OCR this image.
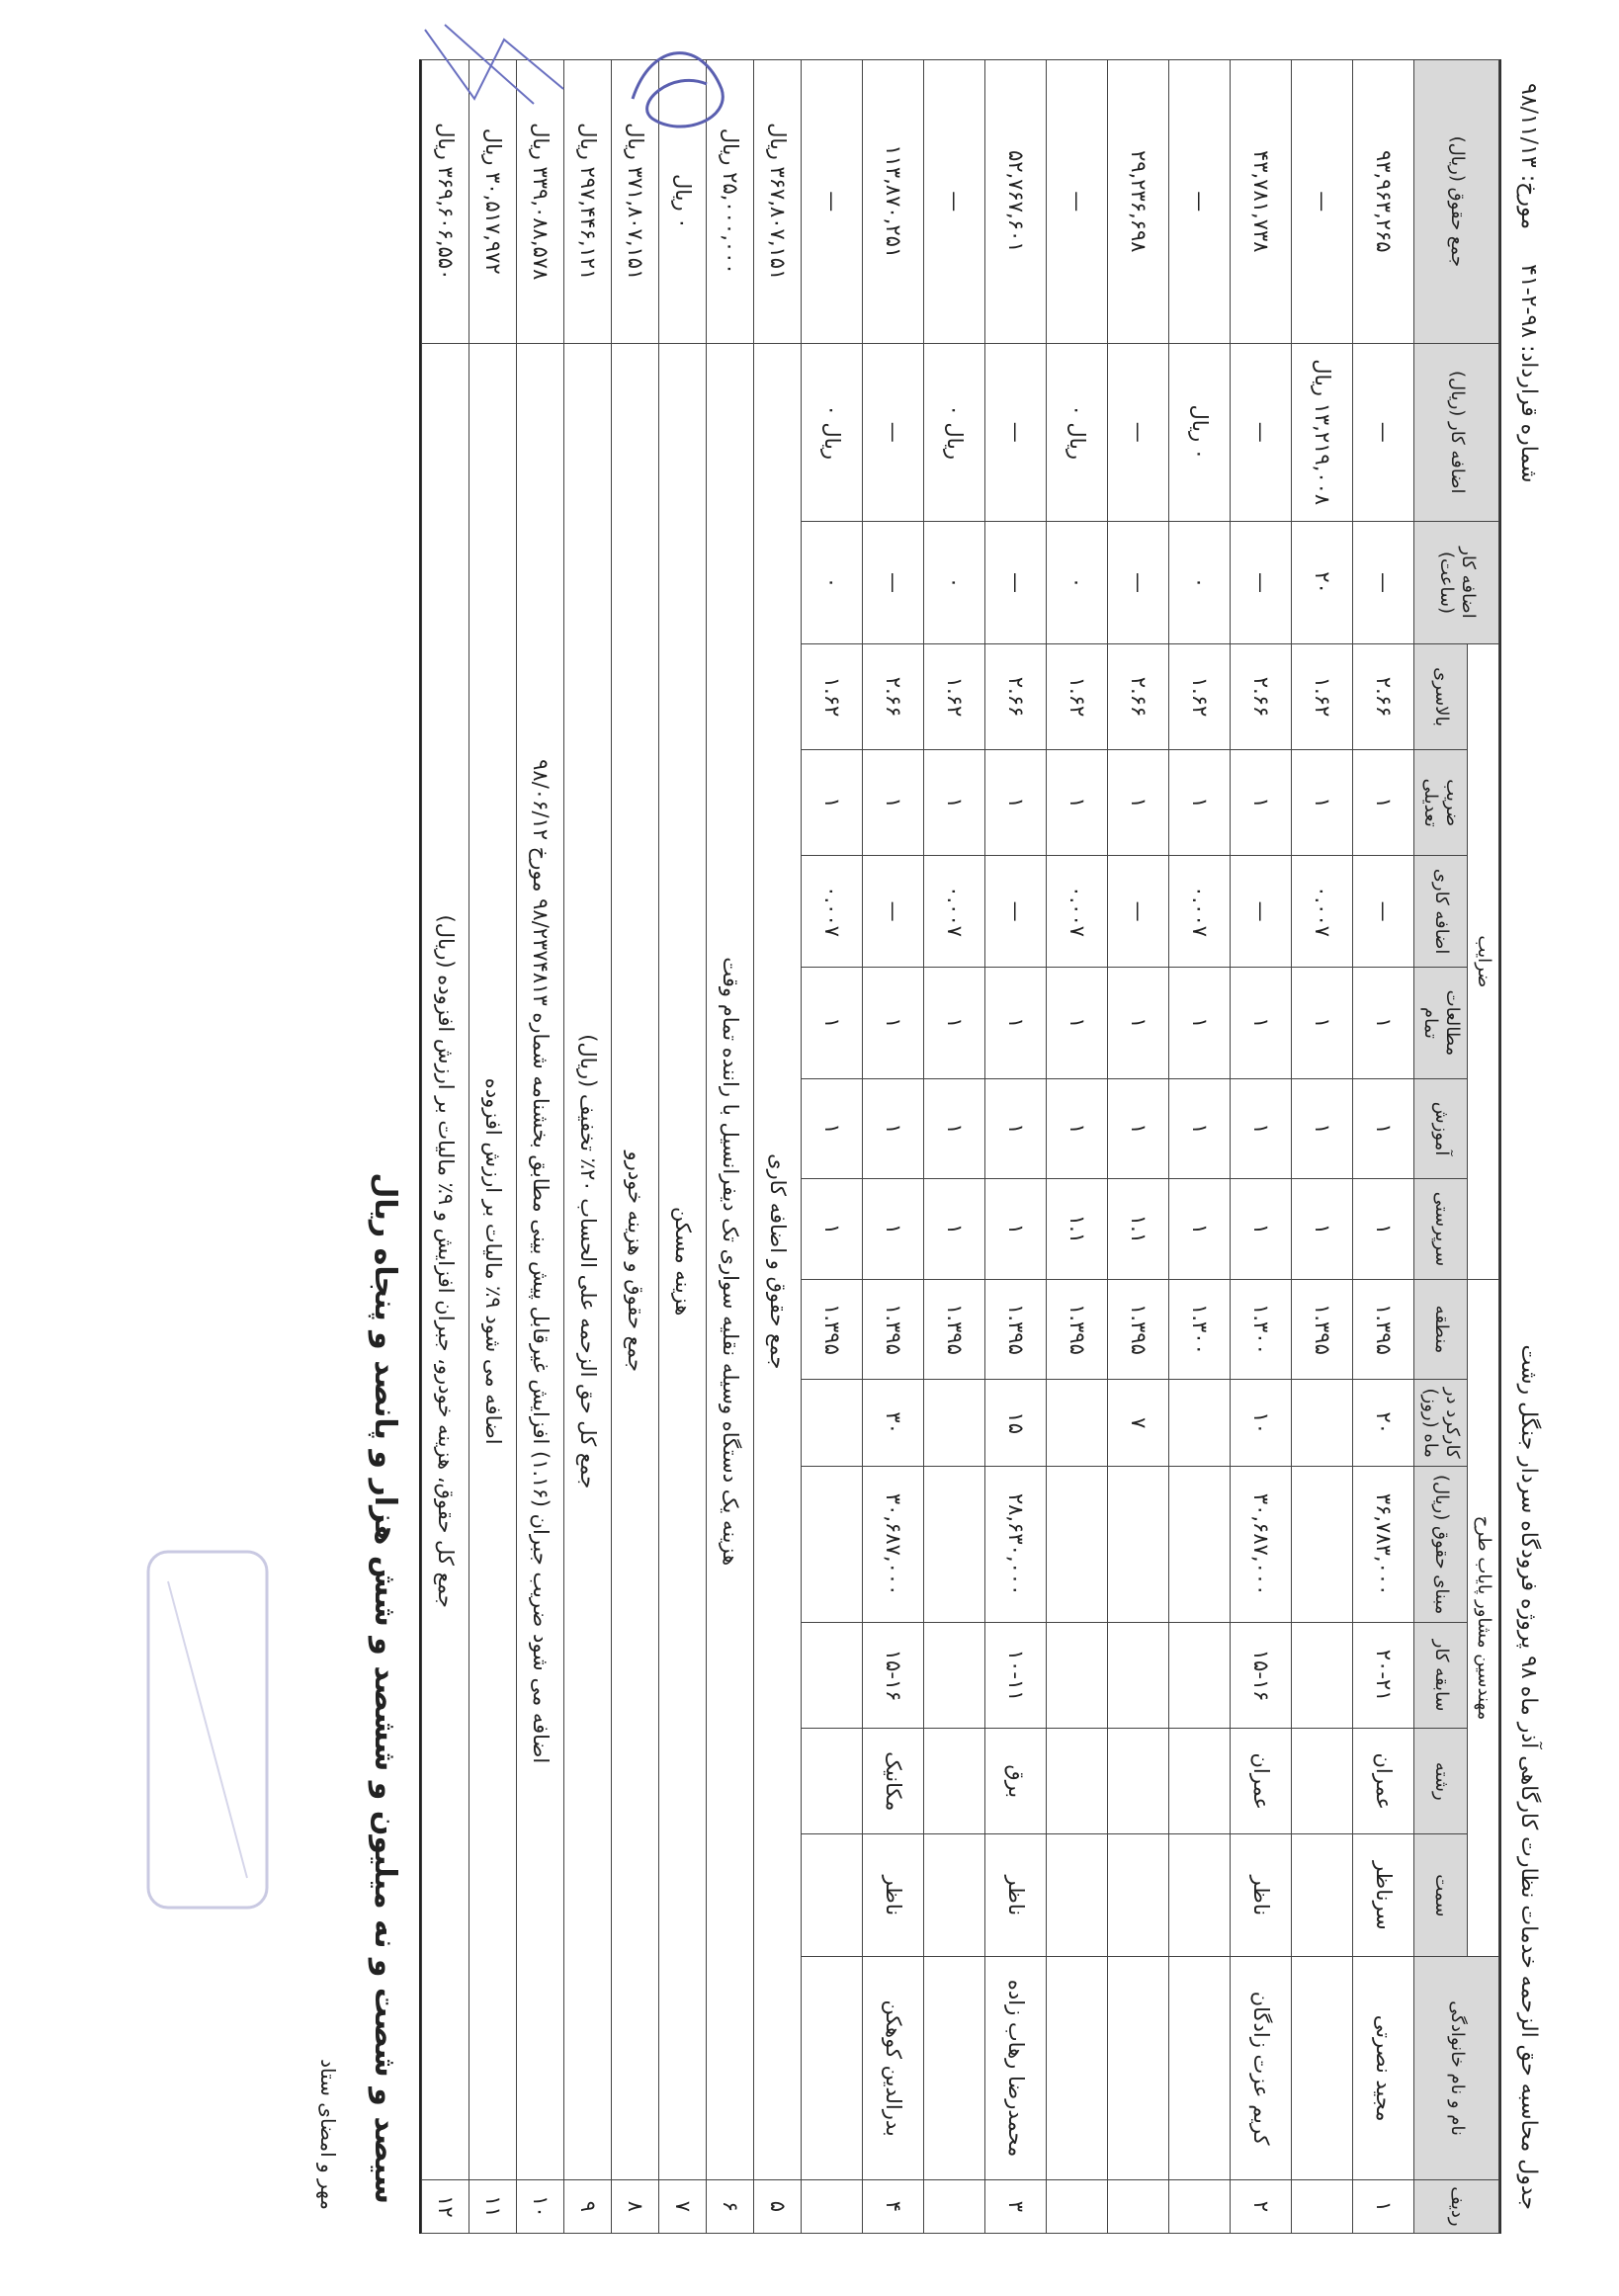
جدول محاسبه حق الزحمه خدمات نظارت کارگاهی آذر ماه ۹۸ پروژه فرودگاه سردار جنگل رشت
شماره قرارداد: ۹۸-۲-۴۱     مورخ: ۹۸/۱۱/۱۳
ردیف	نام و نام خانوادگی	مهندسین مشاور پایاب طرح						ضرایب						اضافه کار (ساعت)	اضافه کار (ریال)	جمع حقوق (ریال)
		سمت	رشته	سابقه کار	مبنای حقوق (ریال)	کارکرد در ماه (روز)	منطقه	سرپرستی	آموزش	مطالعات تمام	اضافه کاری	ضریب تعدیلی	بالاسری			

۱	مجید نصرتی	سرناظر	عمران	۲۰-۲۱	۳۶,۷۸۳,۰۰۰	۲۰	۱.۳۹۵	۱	۱	۱	—	۱	۲.۶۶	—	—	۹۳,۹۶۳,۲۶۵
							۱.۳۹۵	۱	۱	۱	۰.۰۰۷	۱	۱.۶۲	۲۰	۱۳,۲۱۹,۰۰۸ ریال	—
۲	کریم عزت زادگان	ناظر	عمران	۱۵-۱۶	۳۰,۶۸۷,۰۰۰	۱۰	۱.۳۰۰	۱	۱	۱	—	۱	۲.۶۶	—	—	۴۳,۷۸۱,۷۳۸
							۱.۳۰۰	۱	۱	۱	۰.۰۰۷	۱	۱.۶۲	۰	۰ ریال	—
						۷	۱.۳۹۵	۱.۱	۱	۱	—	۱	۲.۶۶	—	—	۲۹,۲۳۶,۶۹۸
							۱.۳۹۵	۱.۱	۱	۱	۰.۰۰۷	۱	۱.۶۲	۰	ریال ۰	—
۳	محمدرضا رهاب زاده	ناظر	برق	۱۰-۱۱	۲۸,۶۳۰,۰۰۰	۱۵	۱.۳۹۵	۱	۱	۱	—	۱	۲.۶۶	—	—	۵۲,۷۶۷,۶۰۱
							۱.۳۹۵	۱	۱	۱	۰.۰۰۷	۱	۱.۶۲	۰	ریال ۰	—
۴	بدرالدین کوهکن	ناظر	مکانیک	۱۵-۱۶	۳۰,۶۸۷,۰۰۰	۳۰	۱.۳۹۵	۱	۱	۱	—	۱	۲.۶۶	—	—	۱۱۳,۸۷۰,۲۵۱
							۱.۳۹۵	۱	۱	۱	۰.۰۰۷	۱	۱.۶۲	۰	ریال ۰	—
۵	جمع حقوق و اضافه کاری															۳۶۷,۸۰۷,۱۵۱ ریال
۶	هزینه یک دستگاه وسیله نقلیه سواری تک دیفرانسیل با راننده تمام وقت															۲۵,۰۰۰,۰۰۰ ریال
۷	هزینه مسکن															۰ ریال
۸	جمع حقوق و هزینه خودرو															۳۷۱,۸۰۷,۱۵۱ ریال
۹	جمع کل حق الزحمه علی الحساب ۲۰٪ تخفیف (ریال)															۲۹۷,۴۴۶,۱۲۱ ریال
۱۰	اضافه می شود ضریب جبران (۱.۱۶) افزایش غیرقابل پیش بینی مطابق بخشنامه شماره ۹۸/۲۳۷۴۸۱۳ مورخ ۹۸/۰۶/۱۲															۳۳۹,۰۸۸,۵۷۸ ریال
۱۱	اضافه می شود ۹٪ مالیات بر ارزش افزوده															۳۰,۵۱۷,۹۷۲ ریال
۱۲	جمع کل حقوق، هزینه خودرو، جبران افزایش و ۹٪ مالیات بر ارزش افزوده (ریال)															۳۶۹,۶۰۶,۵۵۰ ریال
سیصد و شصت و نه میلیون و ششصد و شش هزار و پانصد و پنجاه ریال
مهر و امضای ستاد
